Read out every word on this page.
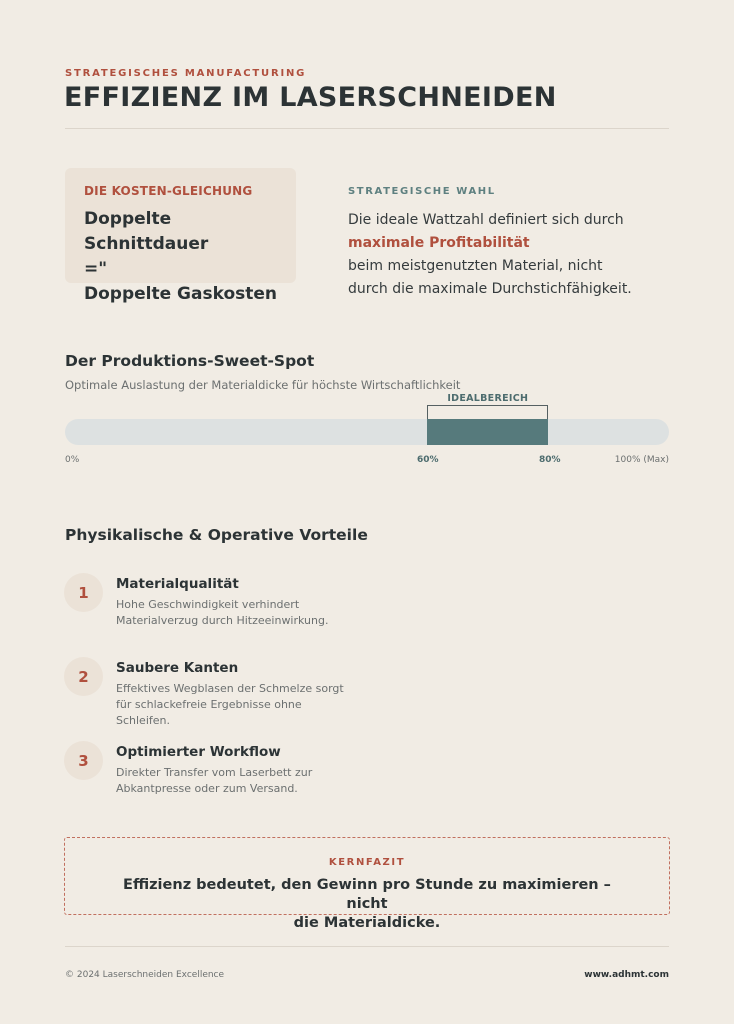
STRATEGISCHES MANUFACTURING
EFFIZIENZ IM LASERSCHNEIDEN
DIE KOSTEN-GLEICHUNG
Doppelte Schnittdauer
="
Doppelte Gaskosten
STRATEGISCHE WAHL
Die ideale Wattzahl definiert sich durch
maximale Profitabilität
beim meistgenutzten Material, nicht
durch die maximale Durchstichfähigkeit.
Der Produktions-Sweet-Spot
Optimale Auslastung der Materialdicke für höchste Wirtschaftlichkeit
IDEALBEREICH
0%	60%	80%	100% (Max)
Physikalische & Operative Vorteile
1	Materialqualität
Hohe Geschwindigkeit verhindert
Materialverzug durch Hitzeeinwirkung.
2	Saubere Kanten
Effektives Wegblasen der Schmelze sorgt
für schlackefreie Ergebnisse ohne Schleifen.
3	Optimierter Workflow
Direkter Transfer vom Laserbett zur
Abkantpresse oder zum Versand.
KERNFAZIT
Effizienz bedeutet, den Gewinn pro Stunde zu maximieren – nicht
die Materialdicke.
© 2024 Laserschneiden Excellence	www.adhmt.com
